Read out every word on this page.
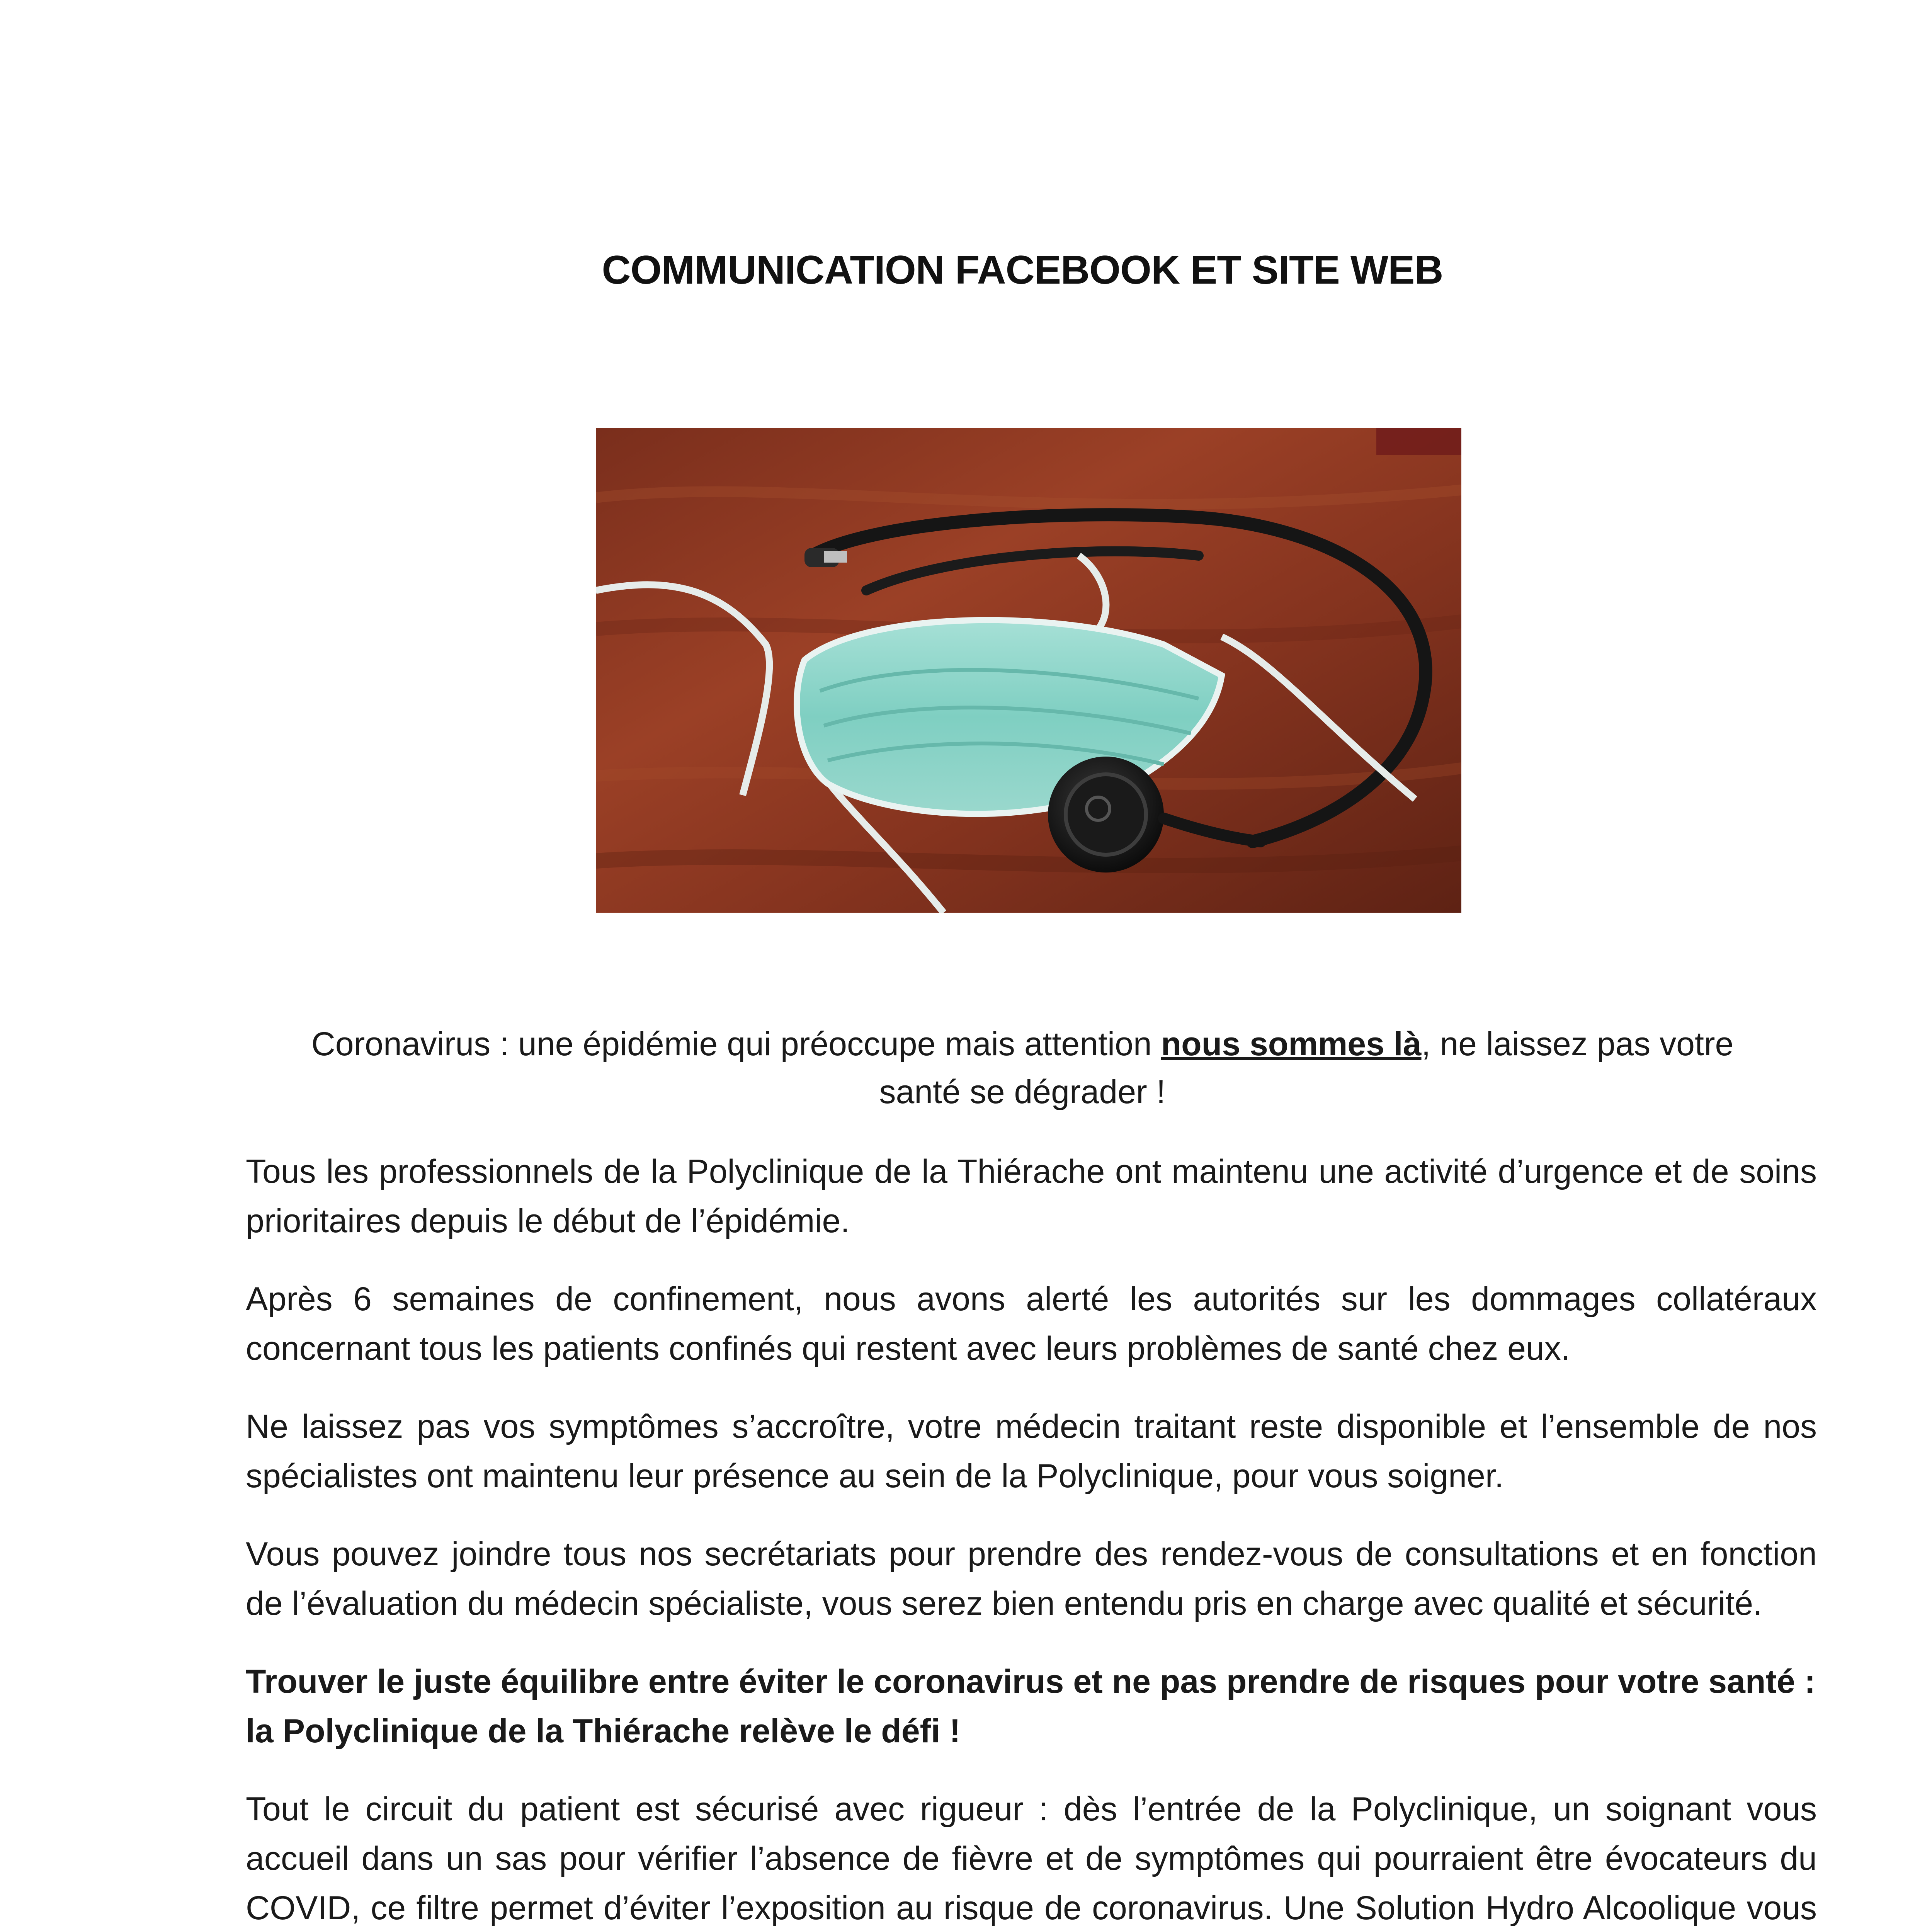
COMMUNICATION FACEBOOK ET SITE WEB
Coronavirus : une épidémie qui préoccupe mais attention nous sommes là, ne laissez pas votre santé se dégrader !

Tous les professionnels de la Polyclinique de la Thiérache ont maintenu une activité d’urgence et de soins prioritaires depuis le début de l’épidémie.

Après 6 semaines de confinement, nous avons alerté les autorités sur les dommages collatéraux concernant tous les patients confinés qui restent avec leurs problèmes de santé chez eux.

Ne laissez pas vos symptômes s’accroître, votre médecin traitant reste disponible et l’ensemble de nos spécialistes ont maintenu leur présence au sein de la Polyclinique, pour vous soigner.

Vous pouvez joindre tous nos secrétariats pour prendre des rendez-vous de consultations et en fonction de l’évaluation du médecin spécialiste, vous serez bien entendu pris en charge avec qualité et sécurité.

Trouver le juste équilibre entre éviter le coronavirus et ne pas prendre de risques pour votre santé : la Polyclinique de la Thiérache relève le défi !

Tout le circuit du patient est sécurisé avec rigueur : dès l’entrée de la Polyclinique, un soignant vous accueil dans un sas pour vérifier l’absence de fièvre et de symptômes qui pourraient être évocateurs du COVID, ce filtre permet d’éviter l’exposition au risque de coronavirus. Une Solution Hydro Alcoolique vous
